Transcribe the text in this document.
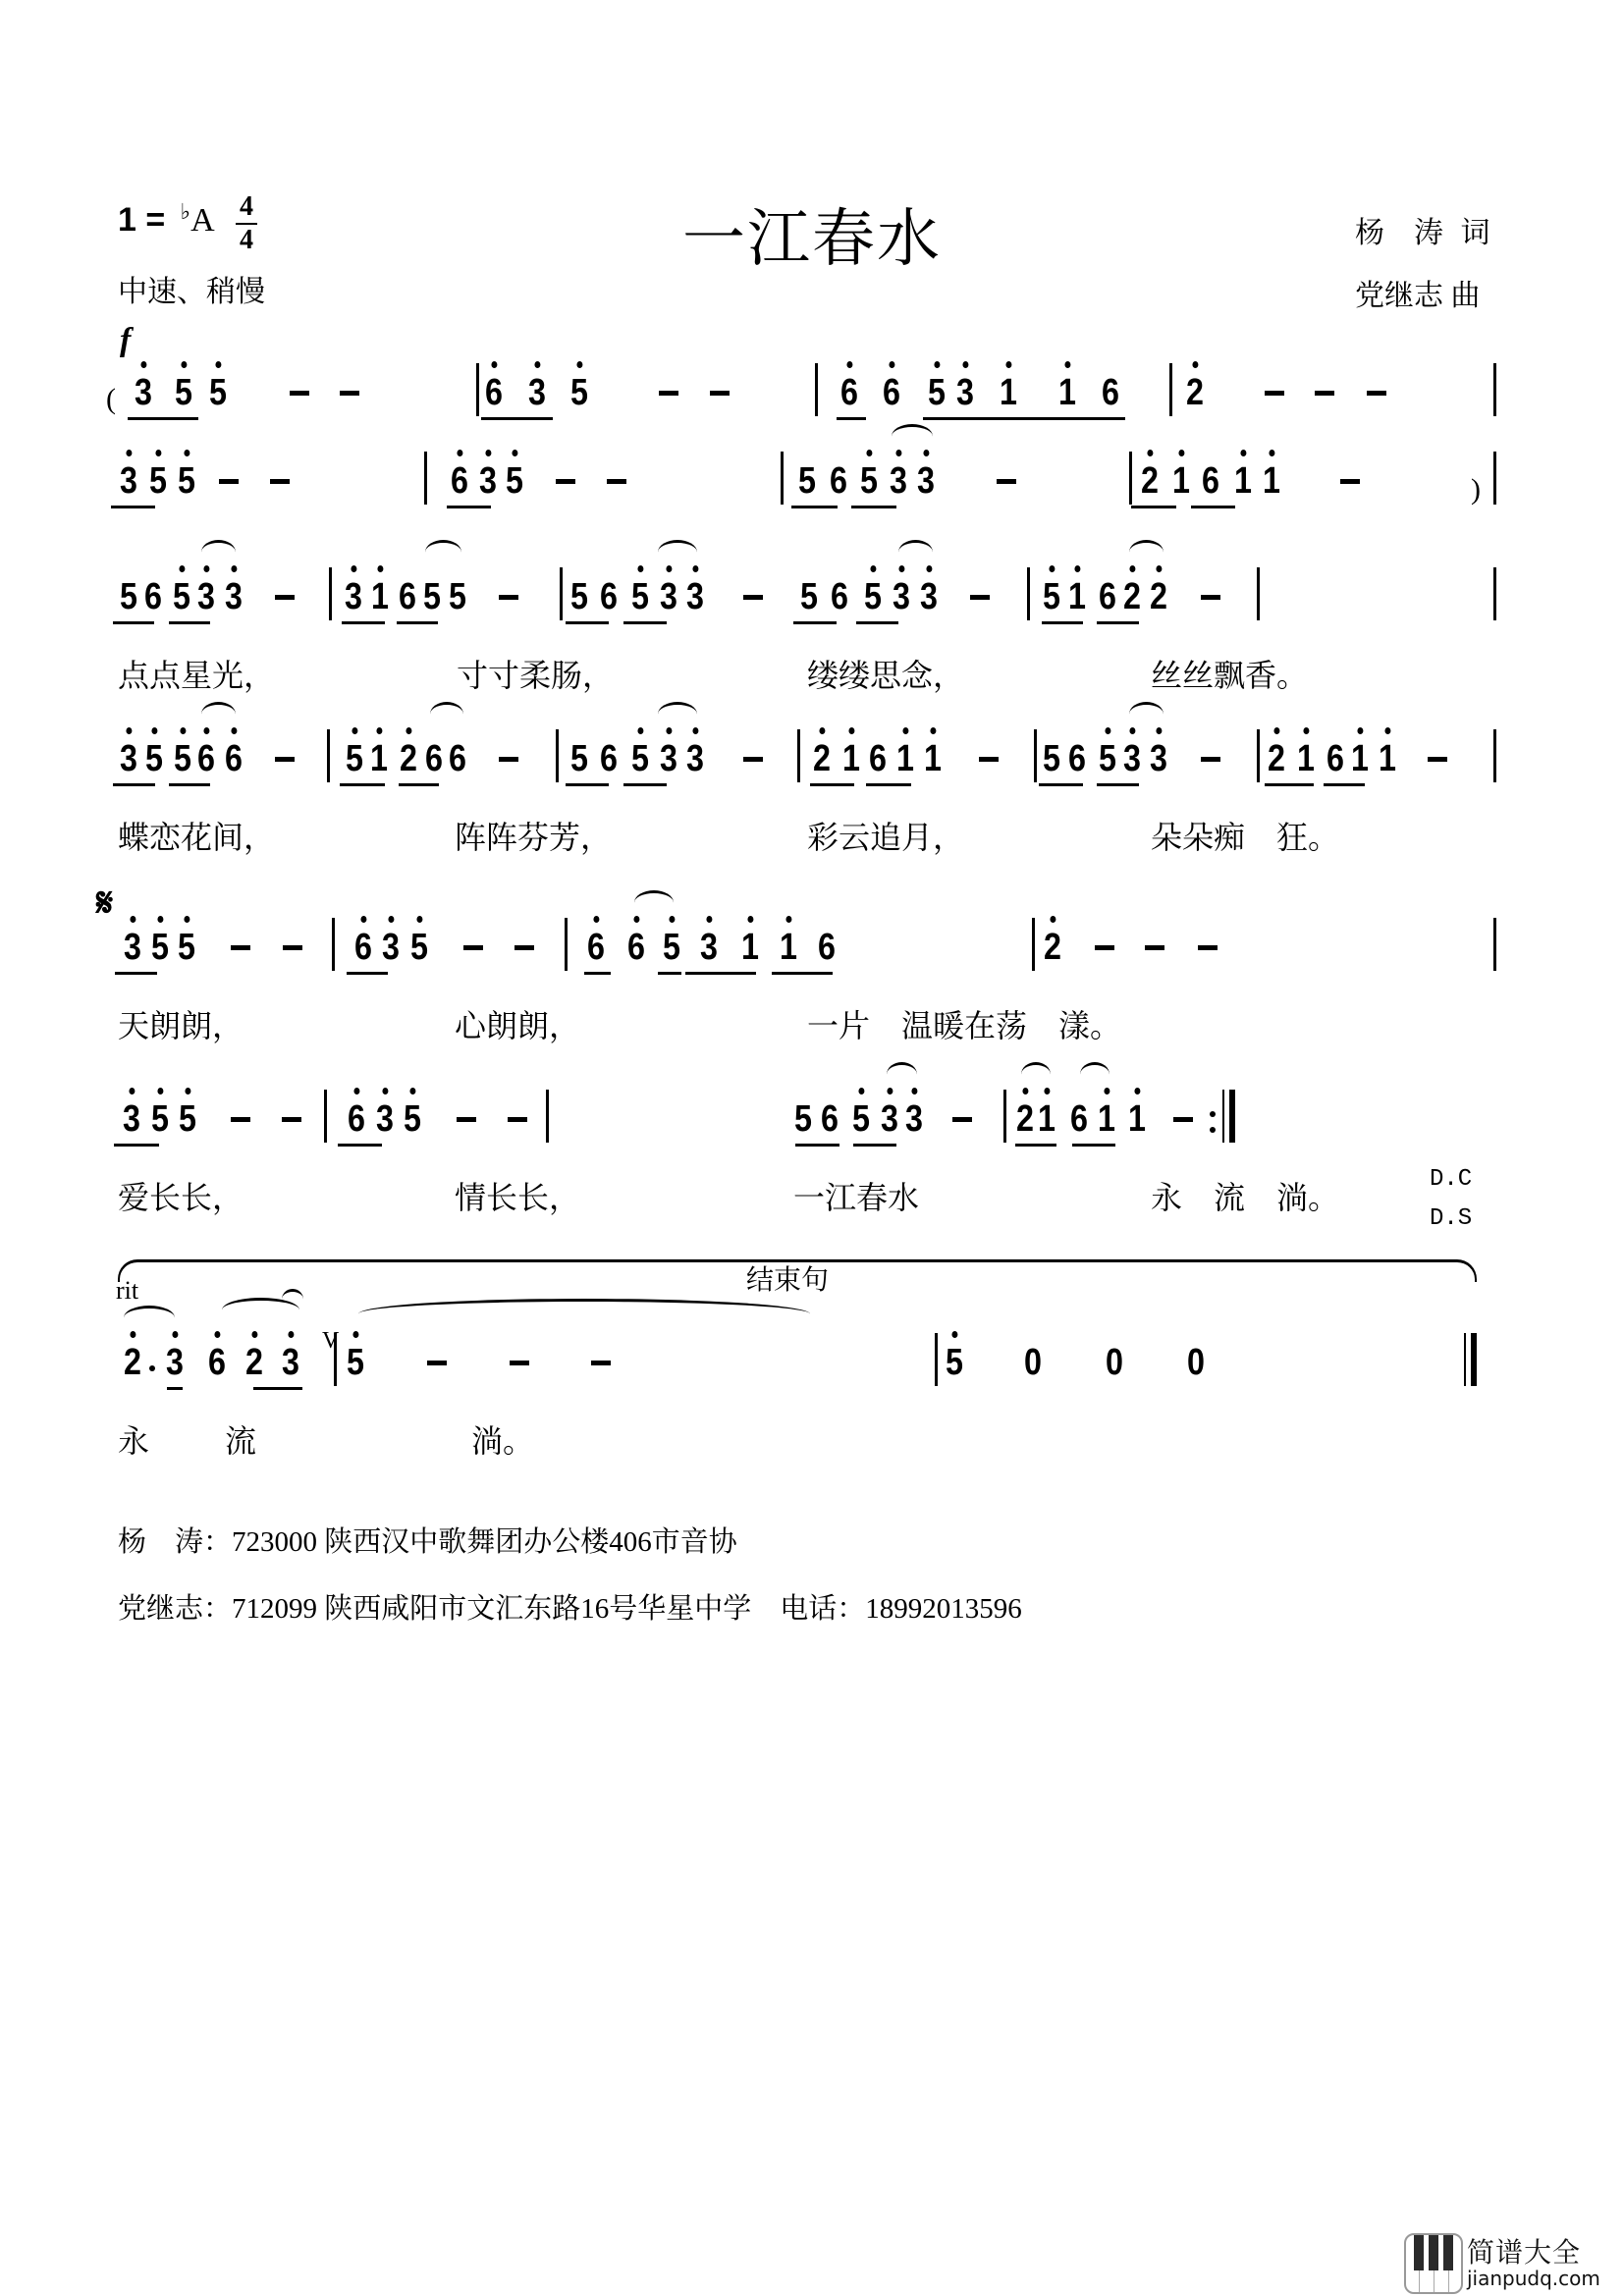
1 = ♭A 4
4	一江春水	杨　涛 词
党继志 曲
中速、稍慢
f
3 5 5	6 3 5	6 6 5 3 1 1 6 2
3 5 5	6 3 5	5 6 5 3 3	2 1 6 1 1
5 6 5 3 3	3 1 6 5 5	5 6 5 3 3	5 1 6 2 2
5 6 5 3 3
3 5 5 6 6	5 1 2 6 6	5 6 5 3 3	2 1 6 1 1	5 6 5 3 3	2 1 6 1 1
3 5 5	6 3 5	6 6 5 3 1 1 6	2
3 5 5	6 3 5	5 6 5 3 3	2 1 6 1 1
2 3 6 2 3 5	5 0 0 0
点点星光，	寸寸柔肠，	缕缕思念，	丝丝飘香。
蝶恋花间，	阵阵芬芳，	彩云追月，	朵朵痴　狂。
天朗朗，	心朗朗，	一片　温暖在荡　漾。
爱长长，	情长长，	一江春水	永　流　淌。
永 流	淌。
(
)
𝄋
D.C
D.S
rit	结束句
V
杨　涛：723000 陕西汉中歌舞团办公楼406市音协
党继志：712099 陕西咸阳市文汇东路16号华星中学　电话：18992013596
简谱大全
jianpudq.com
